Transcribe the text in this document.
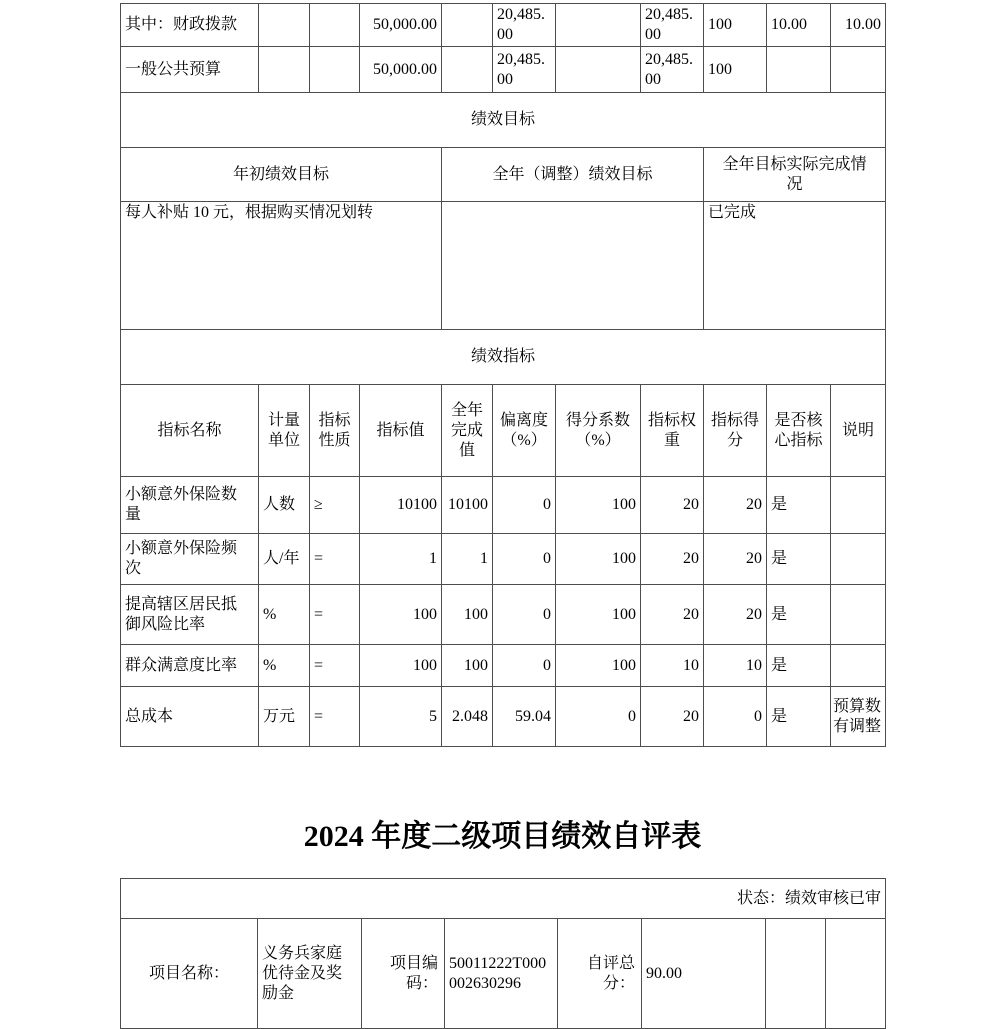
其中：财政拨款			50,000.00		20,485.00		20,485.00	100	10.00	10.00
一般公共预算			50,000.00		20,485.00		20,485.00	100		
绩效目标										
年初绩效目标				全年（调整）绩效目标				全年目标实际完成情况		
每人补贴 10 元，根据购买情况划转								已完成		
绩效指标										
指标名称	计量单位	指标性质	指标值	全年完成值	偏离度（%）	得分系数（%）	指标权重	指标得分	是否核心指标	说明
小额意外保险数量	人数	≥	10100	10100	0	100	20	20	是	
小额意外保险频次	人/年	=	1	1	0	100	20	20	是	
提高辖区居民抵御风险比率	%	=	100	100	0	100	20	20	是	
群众满意度比率	%	=	100	100	0	100	10	10	是	
总成本	万元	=	5	2.048	59.04	0	20	0	是	预算数有调整
2024 年度二级项目绩效自评表
状态：绩效审核已审
项目名称：	义务兵家庭优待金及奖励金	项目编码：	50011222T000002630296	自评总分：	90.00		
